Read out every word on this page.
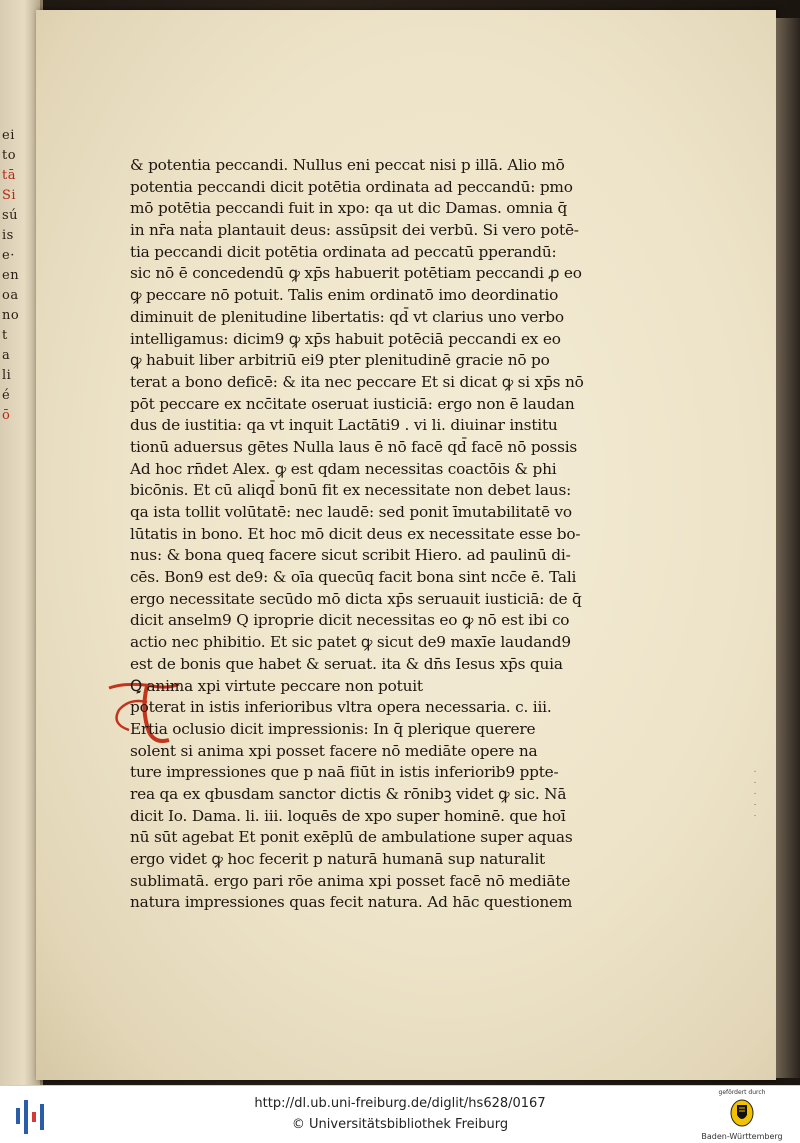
ei
to
tā
Si
sú
is
e·
en
oa
no
t
a
li
é
ō
& potentia peccandi. Nullus eni peccat nisi p illā. Alio mō
potentia peccandi dicit potētia ordinata ad peccandū: pmo
mō potētia peccandi fuit in xpo: qa ut dic Damas. omnia q̄
in nr̄a naṫa plantauit deus: assūpsit dei verbū. Si vero potē-
tia peccandi dicit potētia ordinata ad peccatū pperandū:
sic nō ē concedendū ꝙ xp̄s habuerit potētiam peccandi ꝓ eo
ꝙ peccare nō potuit. Talis enim ordinatō imo deordinatio
diminuit de plenitudine libertatis: qd̄ vt clarius uno verbo
intelligamus: dicim9 ꝙ xp̄s habuit potēciā peccandi ex eo
ꝙ habuit liber arbitriū ei9 pter plenitudinē gracie nō po
terat a bono deficē: & ita nec peccare Et si dicat ꝙ si xp̄s nō
pōt peccare ex ncc̄itate oseruat iusticiā: ergo non ē laudan
dus de iustitia: qa vt inquit Lactāti9 . vi li. diuinar institu
tionū aduersus gētes Nulla laus ē nō facē qd̄ facē nō possis
Ad hoc rn̄det Alex. ꝙ est qdam necessitas coactōis & phi
bicōnis. Et cū aliqd̄ bonū fit ex necessitate non debet laus:
qa ista tollit volūtatē: nec laudē: sed ponit īmutabilitatē vo
lūtatis in bono. Et hoc mō dicit deus ex necessitate esse bo-
nus: & bona queq facere sicut scribit Hiero. ad paulinū di-
cēs. Bon9 est de9: & oīa quecūq facit bona sint ncc̄e ē. Tali
ergo necessitate secūdo mō dicta xp̄s seruauit iusticiā: de q̄
dicit anselm9 Q iproprie dicit necessitas eo ꝙ nō est ibi co
actio nec phibitio. Et sic patet ꝙ sicut de9 maxīe laudand9
est de bonis que habet & seruat. ita & dn̄s Iesus xp̄s quia
Ꝗ anima xpi virtute peccare non potuit
poterat in istis inferioribus vltra opera necessaria. c. iii.
Ertia oclusio dicit impressionis: In q̄ plerique querere
solent si anima xpi posset facere nō mediāte opere na
ture impressiones que p naā fiūt in istis inferiorib9 ppte-
rea qa ex qbusdam sanctor dictis & rōnibꝫ videt ꝙ sic. Nā
dicit Io. Dama. li. iii. loquēs de xpo super hominē. que hoī
nū sūt agebat Et ponit exēplū de ambulatione super aquas
ergo videt ꝙ hoc fecerit p naturā humanā sup naturalit
sublimatā. ergo pari rōe anima xpi posset facē nō mediāte
natura impressiones quas fecit natura. Ad hāc questionem
· · · · ·
http://dl.ub.uni-freiburg.de/diglit/hs628/0167
© Universitätsbibliothek Freiburg
gefördert durch
Baden-Württemberg
